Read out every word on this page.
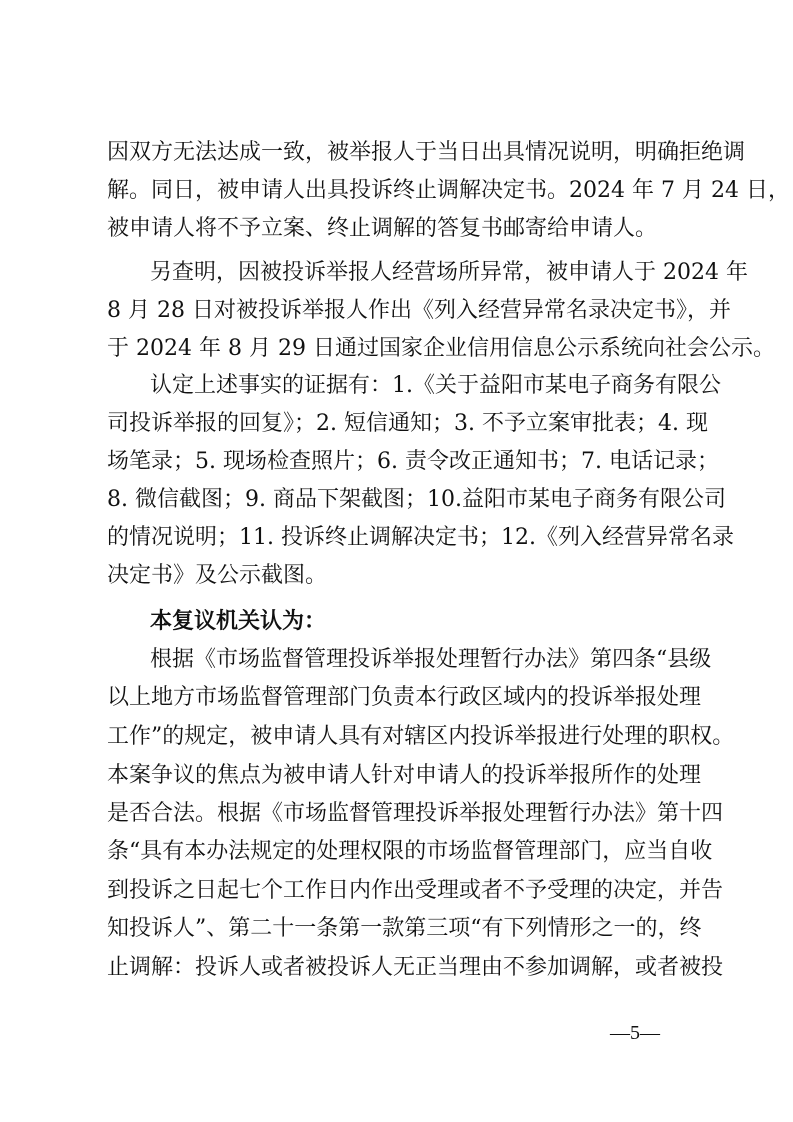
因双方无法达成一致，被举报人于当日出具情况说明，明确拒绝调
解。同日，被申请人出具投诉终止调解决定书。2024 年 7 月 24 日，
被申请人将不予立案、终止调解的答复书邮寄给申请人。
另查明，因被投诉举报人经营场所异常，被申请人于 2024 年
8 月 28 日对被投诉举报人作出《列入经营异常名录决定书》，并
于 2024 年 8 月 29 日通过国家企业信用信息公示系统向社会公示。
认定上述事实的证据有：1.《关于益阳市某电子商务有限公
司投诉举报的回复》；2. 短信通知；3. 不予立案审批表；4. 现
场笔录；5. 现场检查照片；6. 责令改正通知书；7. 电话记录；
8. 微信截图；9. 商品下架截图；10.益阳市某电子商务有限公司
的情况说明；11. 投诉终止调解决定书；12.《列入经营异常名录
决定书》及公示截图。
本复议机关认为：
根据《市场监督管理投诉举报处理暂行办法》第四条“县级
以上地方市场监督管理部门负责本行政区域内的投诉举报处理
工作”的规定，被申请人具有对辖区内投诉举报进行处理的职权。
本案争议的焦点为被申请人针对申请人的投诉举报所作的处理
是否合法。根据《市场监督管理投诉举报处理暂行办法》第十四
条“具有本办法规定的处理权限的市场监督管理部门，应当自收
到投诉之日起七个工作日内作出受理或者不予受理的决定，并告
知投诉人”、第二十一条第一款第三项“有下列情形之一的，终
止调解：投诉人或者被投诉人无正当理由不参加调解，或者被投
—5—
